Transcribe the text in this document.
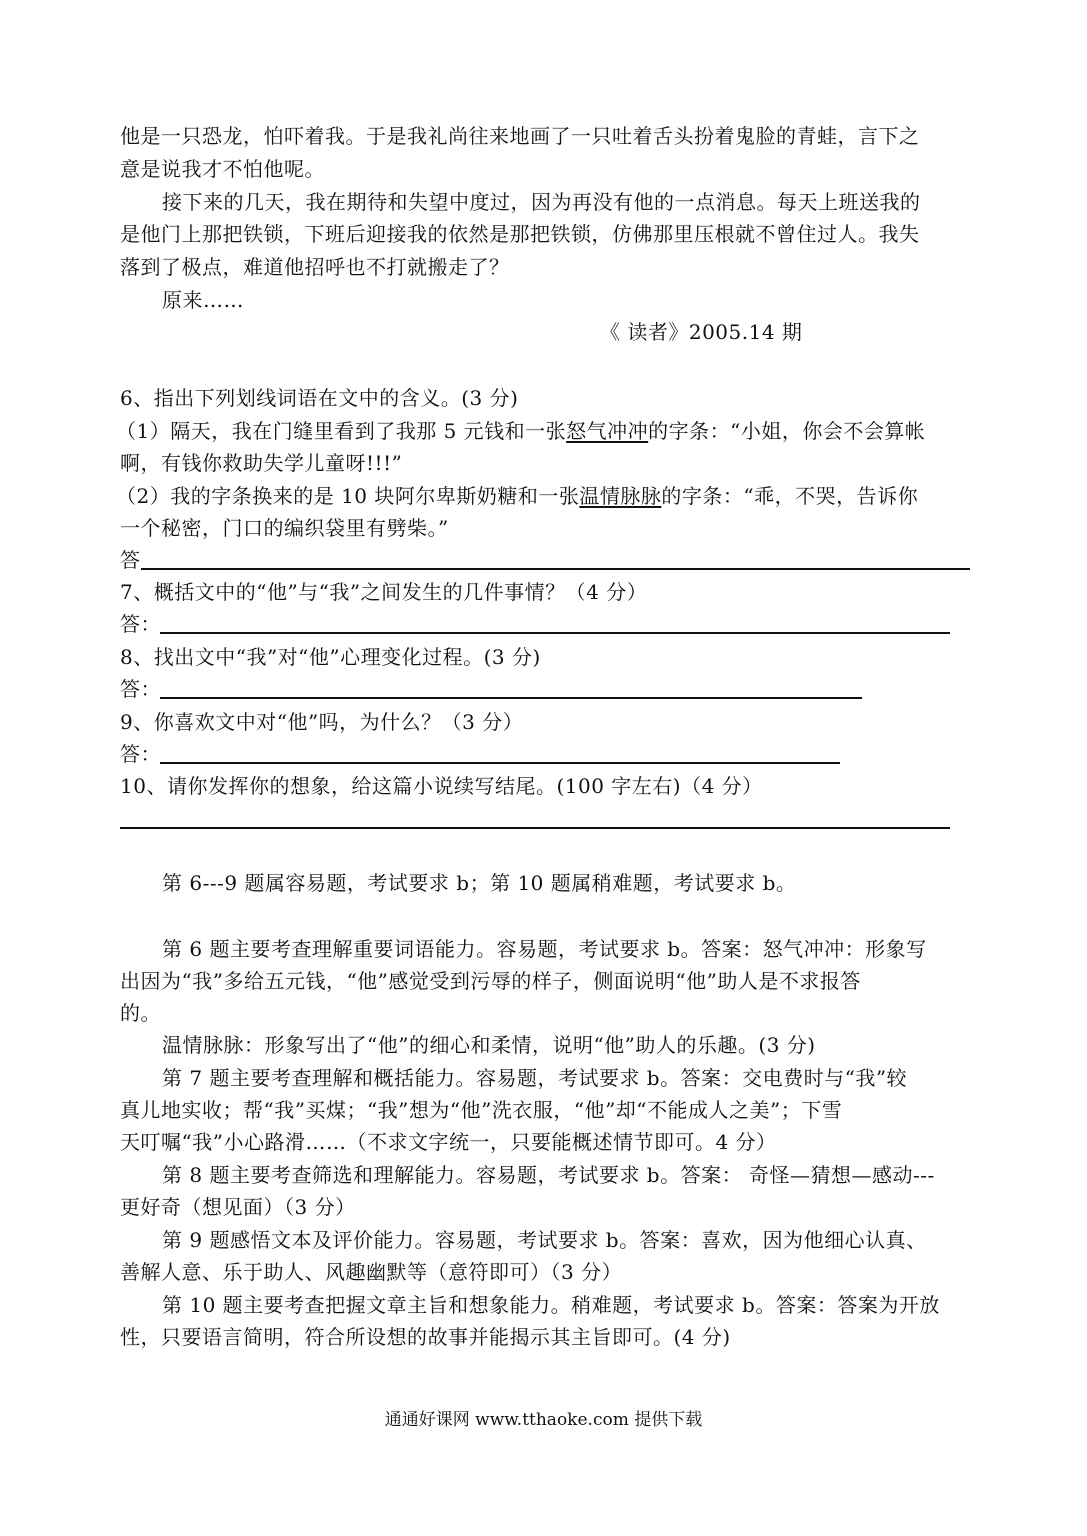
他是一只恐龙，怕吓着我。于是我礼尚往来地画了一只吐着舌头扮着鬼脸的青蛙，言下之
意是说我才不怕他呢。
接下来的几天，我在期待和失望中度过，因为再没有他的一点消息。每天上班送我的
是他门上那把铁锁，下班后迎接我的依然是那把铁锁，仿佛那里压根就不曾住过人。我失
落到了极点，难道他招呼也不打就搬走了？
原来……
《 读者》2005.14 期
6、指出下列划线词语在文中的含义。(3 分)
（1）隔天，我在门缝里看到了我那 5 元钱和一张怒气冲冲的字条：“小姐，你会不会算帐
啊，有钱你救助失学儿童呀!!!”
（2）我的字条换来的是 10 块阿尔卑斯奶糖和一张温情脉脉的字条：“乖，不哭，告诉你
一个秘密，门口的编织袋里有劈柴。”
答
7、概括文中的“他”与“我”之间发生的几件事情？（4 分）
答：
8、找出文中“我”对“他”心理变化过程。(3 分)
答：
9、你喜欢文中对“他”吗，为什么？（3 分）
答：
10、请你发挥你的想象，给这篇小说续写结尾。(100 字左右)（4 分）
第 6---9 题属容易题，考试要求 b；第 10 题属稍难题，考试要求 b。
第 6 题主要考查理解重要词语能力。容易题，考试要求 b。答案：怒气冲冲：形象写
出因为“我”多给五元钱，“他”感觉受到污辱的样子，侧面说明“他”助人是不求报答
的。
温情脉脉：形象写出了“他”的细心和柔情，说明“他”助人的乐趣。(3 分)
第 7 题主要考查理解和概括能力。容易题，考试要求 b。答案：交电费时与“我”较
真儿地实收；帮“我”买煤；“我”想为“他”洗衣服，“他”却“不能成人之美”；下雪
天叮嘱“我”小心路滑……（不求文字统一，只要能概述情节即可。4 分）
第 8 题主要考查筛选和理解能力。容易题，考试要求 b。答案： 奇怪—猜想—感动---
更好奇（想见面）（3 分）
第 9 题感悟文本及评价能力。容易题，考试要求 b。答案：喜欢，因为他细心认真、
善解人意、乐于助人、风趣幽默等（意符即可）（3 分）
第 10 题主要考查把握文章主旨和想象能力。稍难题，考试要求 b。答案：答案为开放
性，只要语言简明，符合所设想的故事并能揭示其主旨即可。(4 分)
通通好课网 www.tthaoke.com 提供下载
